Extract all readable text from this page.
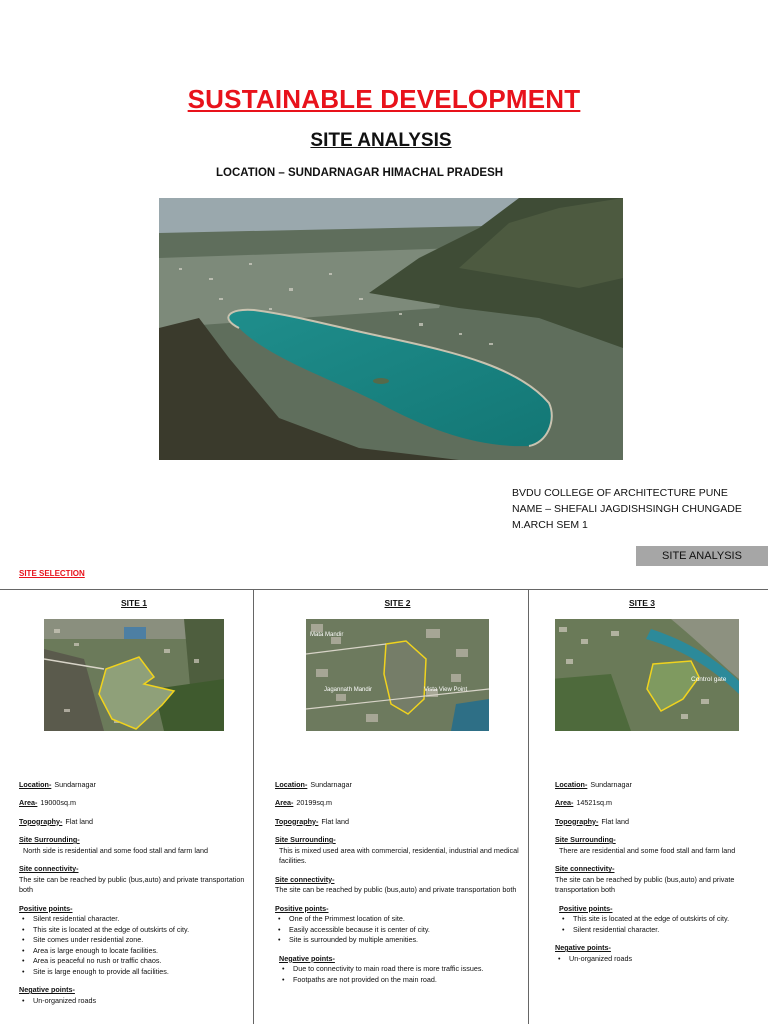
SUSTAINABLE DEVELOPMENT
SITE ANALYSIS
LOCATION – SUNDARNAGAR HIMACHAL PRADESH
BVDU COLLEGE OF ARCHITECTURE PUNE
NAME – SHEFALI JAGDISHSINGH CHUNGADE
M.ARCH SEM 1
SITE ANALYSIS
SITE SELECTION
SITE 1
Location- Sundarnagar
Area- 19000sq.m
Topography- Flat land
Site Surrounding-
North side is residential and some food stall and farm land
Site connectivity-
The site can be reached by public (bus,auto) and private transportation both
Positive points-
• Silent residential character.
• This site is located at the edge of outskirts of city.
• Site comes under residential zone.
• Area is large enough to locate facilities.
• Area is peaceful no rush or traffic chaos.
• Site is large enough to provide all facilities.
Negative points-
• Un-organized roads
SITE 2
Mata Mandir
Jagannath Mandir	Vista View Point
Location- Sundarnagar
Area- 20199sq.m
Topography- Flat land
Site Surrounding-
This is mixed used area with commercial, residential, industrial and medical facilities.
Site connectivity-
The site can be reached by public (bus,auto) and private transportation both
Positive points-
• One of the Primmest location of site.
• Easily accessible because it is center of city.
• Site is surrounded by multiple amenities.
Negative points-
• Due to connectivity to main road there is more traffic issues.
• Footpaths are not provided on the main road.
SITE 3
Control gate
Location- Sundarnagar
Area- 14521sq.m
Topography- Flat land
Site Surrounding-
There are residential and some food stall and farm land
Site connectivity-
The site can be reached by public (bus,auto) and private transportation both
Positive points-
• This site is located at the edge of outskirts of city.
• Silent residential character.
Negative points-
• Un-organized roads
